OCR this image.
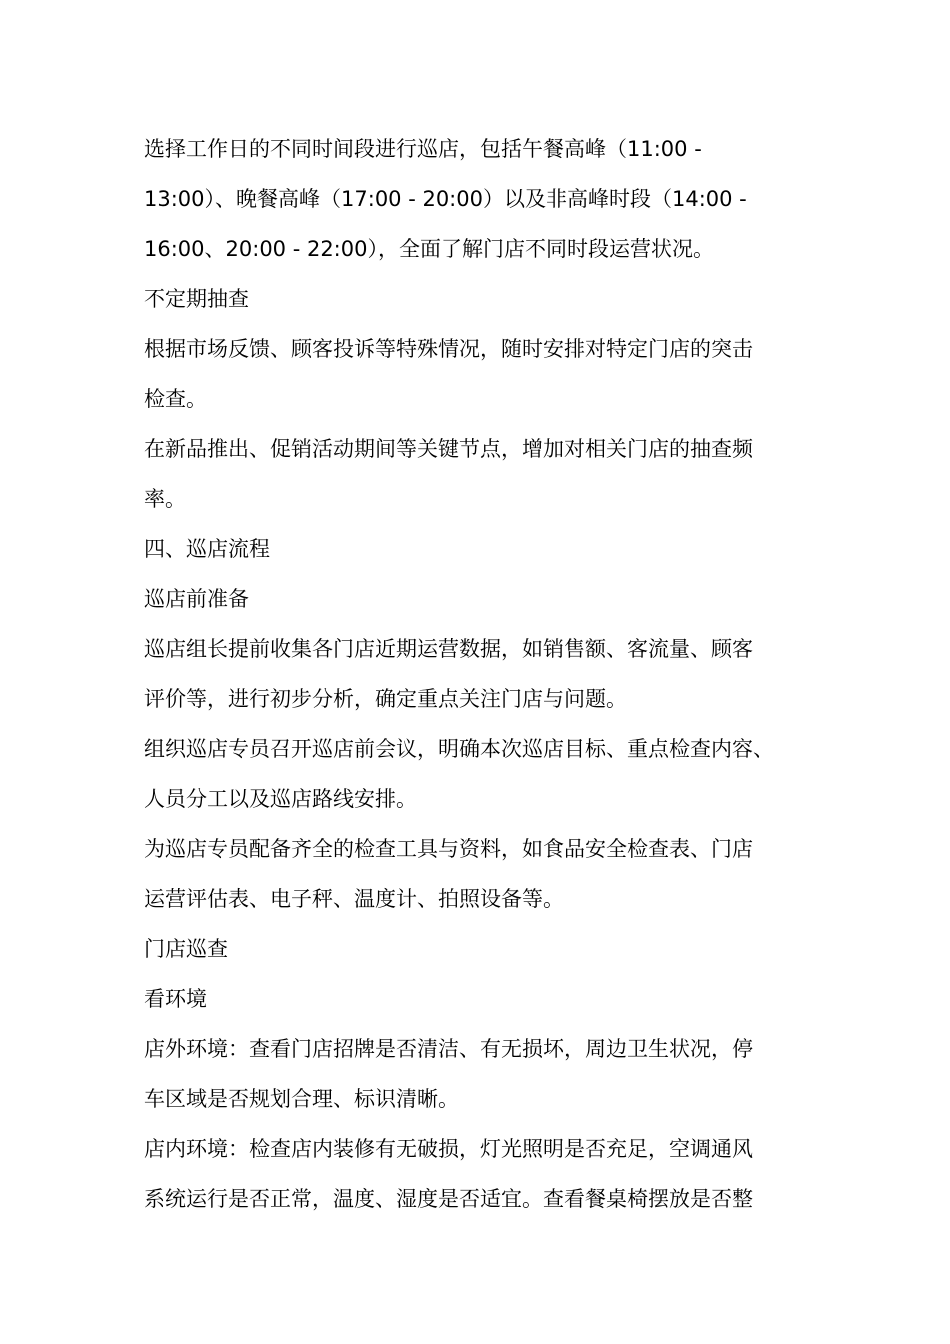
选择工作日的不同时间段进行巡店，包括午餐高峰（11:00 -
13:00）、晚餐高峰（17:00 - 20:00）以及非高峰时段（14:00 -
16:00、20:00 - 22:00），全面了解门店不同时段运营状况。
不定期抽查
根据市场反馈、顾客投诉等特殊情况，随时安排对特定门店的突击
检查。
在新品推出、促销活动期间等关键节点，增加对相关门店的抽查频
率。
四、巡店流程
巡店前准备
巡店组长提前收集各门店近期运营数据，如销售额、客流量、顾客
评价等，进行初步分析，确定重点关注门店与问题。
组织巡店专员召开巡店前会议，明确本次巡店目标、重点检查内容、
人员分工以及巡店路线安排。
为巡店专员配备齐全的检查工具与资料，如食品安全检查表、门店
运营评估表、电子秤、温度计、拍照设备等。
门店巡查
看环境
店外环境：查看门店招牌是否清洁、有无损坏，周边卫生状况，停
车区域是否规划合理、标识清晰。
店内环境：检查店内装修有无破损，灯光照明是否充足，空调通风
系统运行是否正常，温度、湿度是否适宜。查看餐桌椅摆放是否整
